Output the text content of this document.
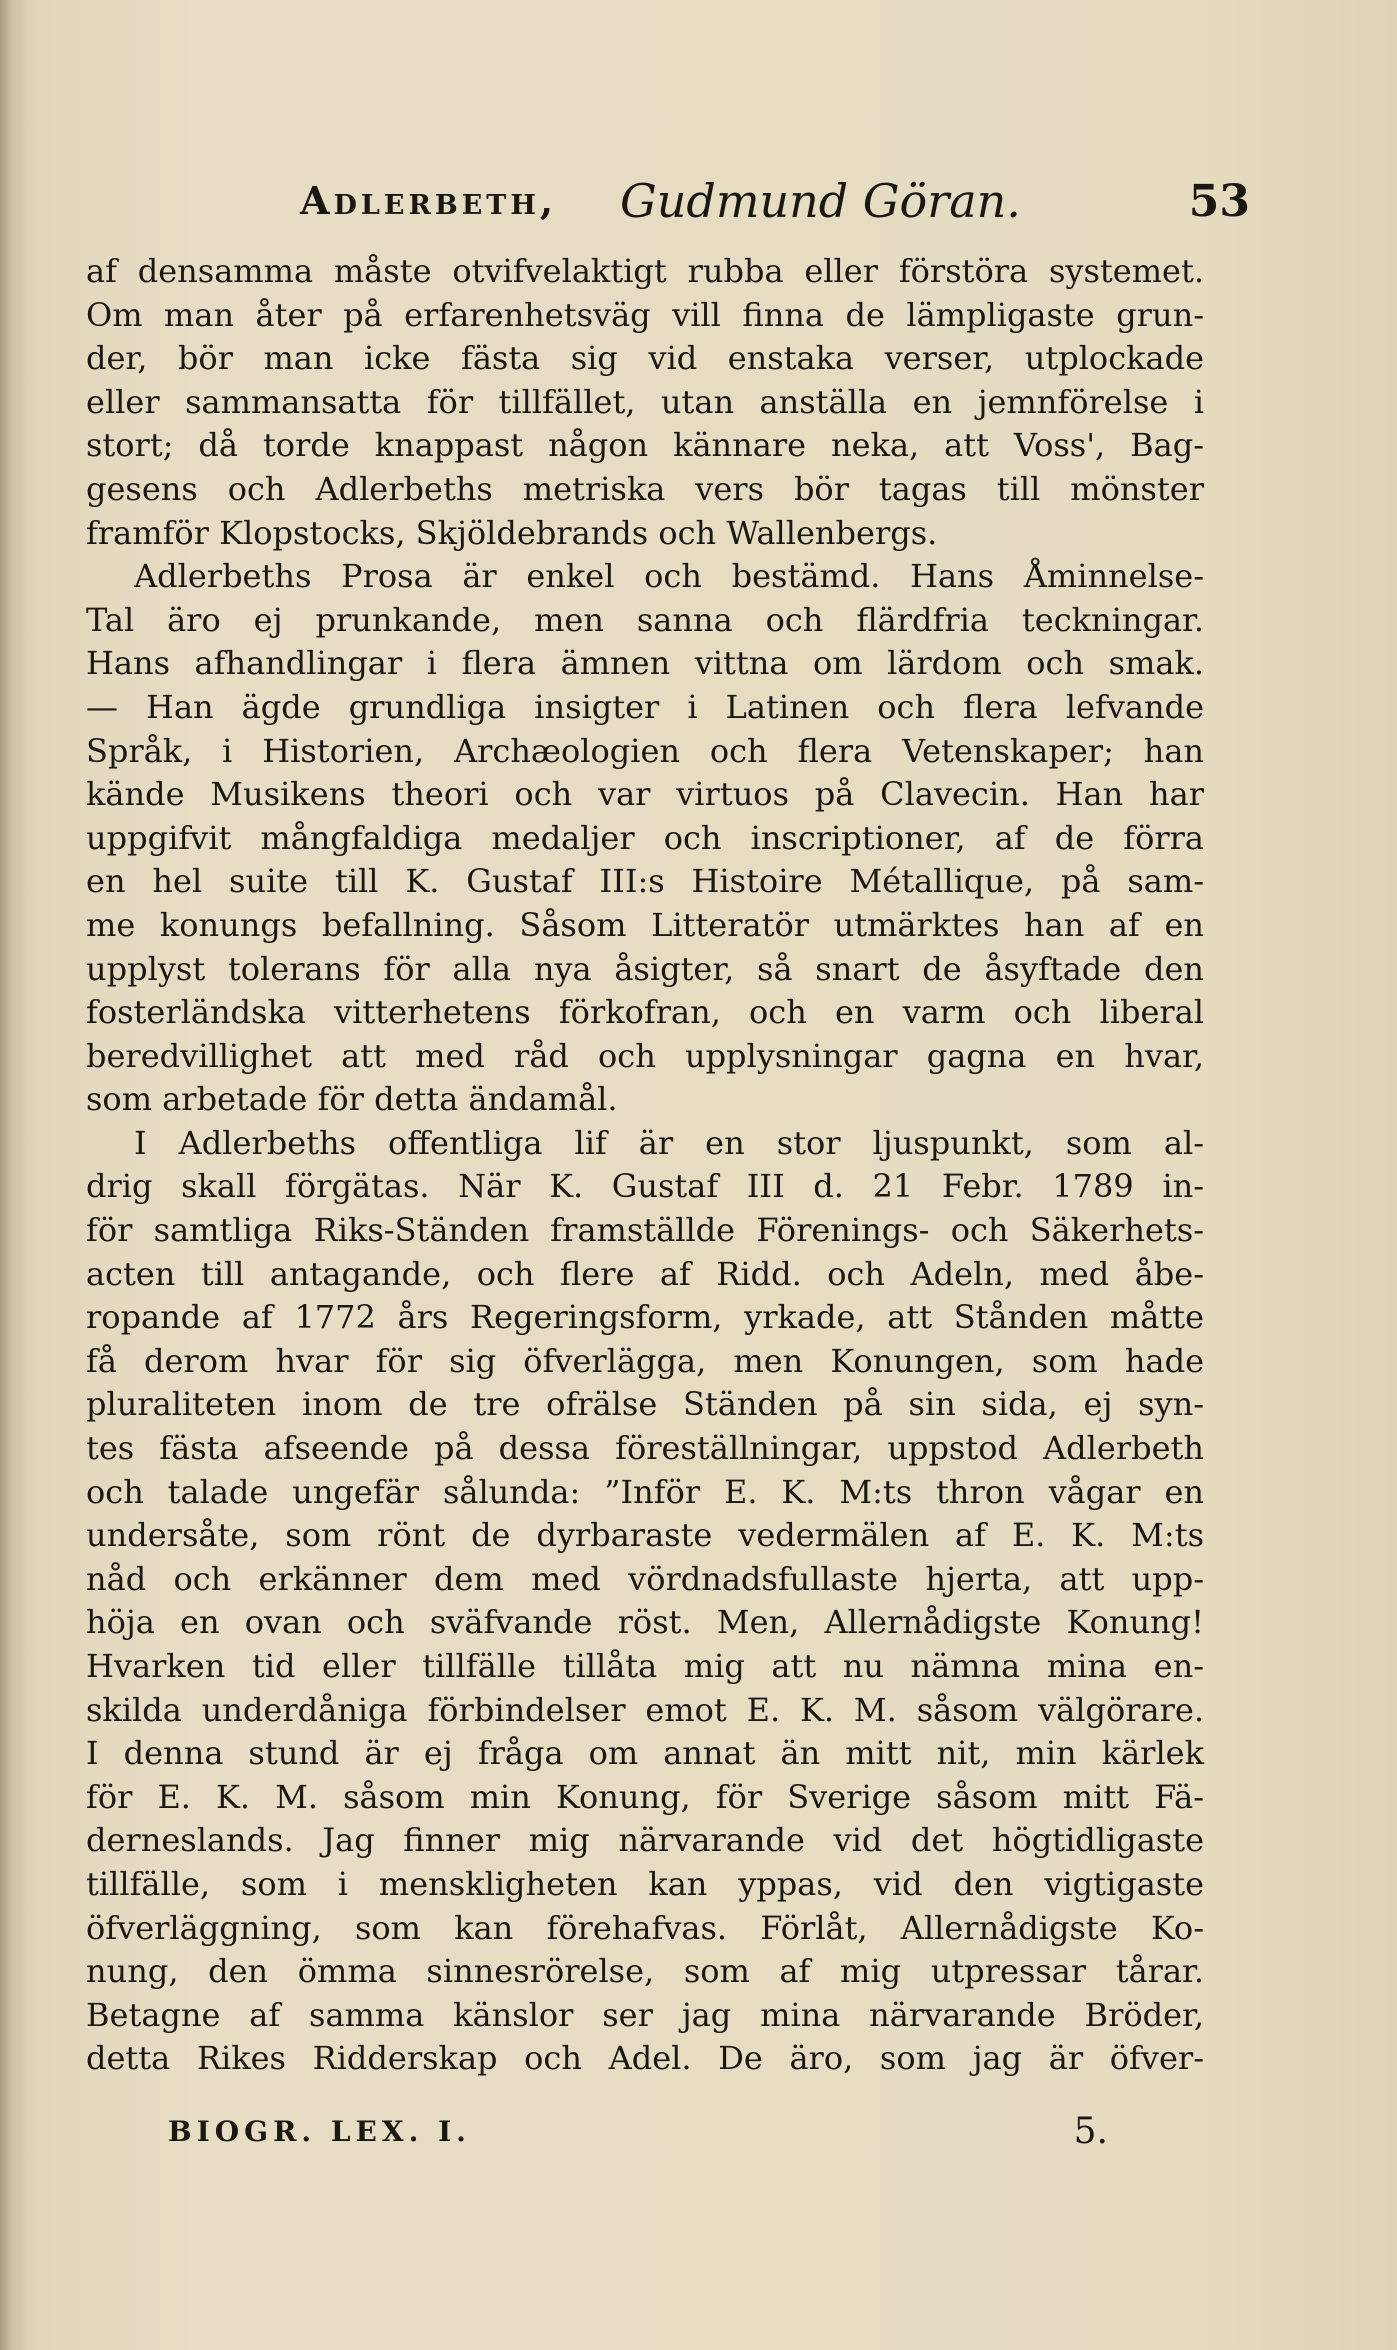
Adlerbeth, Gudmund Göran.	53
af densamma måste otvifvelaktigt rubba eller förstöra systemet.
Om man åter på erfarenhetsväg vill finna de lämpligaste grun-
der, bör man icke fästa sig vid enstaka verser, utplockade
eller sammansatta för tillfället, utan anställa en jemnförelse i
stort; då torde knappast någon kännare neka, att Voss', Bag-
gesens och Adlerbeths metriska vers bör tagas till mönster
framför Klopstocks, Skjöldebrands och Wallenbergs.
Adlerbeths Prosa är enkel och bestämd. Hans Åminnelse-
Tal äro ej prunkande, men sanna och flärdfria teckningar.
Hans afhandlingar i flera ämnen vittna om lärdom och smak.
— Han ägde grundliga insigter i Latinen och flera lefvande
Språk, i Historien, Archæologien och flera Vetenskaper; han
kände Musikens theori och var virtuos på Clavecin. Han har
uppgifvit mångfaldiga medaljer och inscriptioner, af de förra
en hel suite till K. Gustaf III:s Histoire Métallique, på sam-
me konungs befallning. Såsom Litteratör utmärktes han af en
upplyst tolerans för alla nya åsigter, så snart de åsyftade den
fosterländska vitterhetens förkofran, och en varm och liberal
beredvillighet att med råd och upplysningar gagna en hvar,
som arbetade för detta ändamål.
I Adlerbeths offentliga lif är en stor ljuspunkt, som al-
drig skall förgätas. När K. Gustaf III d. 21 Febr. 1789 in-
för samtliga Riks-Ständen framställde Förenings- och Säkerhets-
acten till antagande, och flere af Ridd. och Adeln, med åbe-
ropande af 1772 års Regeringsform, yrkade, att Stånden måtte
få derom hvar för sig öfverlägga, men Konungen, som hade
pluraliteten inom de tre ofrälse Ständen på sin sida, ej syn-
tes fästa afseende på dessa föreställningar, uppstod Adlerbeth
och talade ungefär sålunda: ”Inför E. K. M:ts thron vågar en
undersåte, som rönt de dyrbaraste vedermälen af E. K. M:ts
nåd och erkänner dem med vördnadsfullaste hjerta, att upp-
höja en ovan och sväfvande röst. Men, Allernådigste Konung!
Hvarken tid eller tillfälle tillåta mig att nu nämna mina en-
skilda underdåniga förbindelser emot E. K. M. såsom välgörare.
I denna stund är ej fråga om annat än mitt nit, min kärlek
för E. K. M. såsom min Konung, för Sverige såsom mitt Fä-
derneslands. Jag finner mig närvarande vid det högtidligaste
tillfälle, som i menskligheten kan yppas, vid den vigtigaste
öfverläggning, som kan förehafvas. Förlåt, Allernådigste Ko-
nung, den ömma sinnesrörelse, som af mig utpressar tårar.
Betagne af samma känslor ser jag mina närvarande Bröder,
detta Rikes Ridderskap och Adel. De äro, som jag är öfver-
BIOGR. LEX. I.	5.
